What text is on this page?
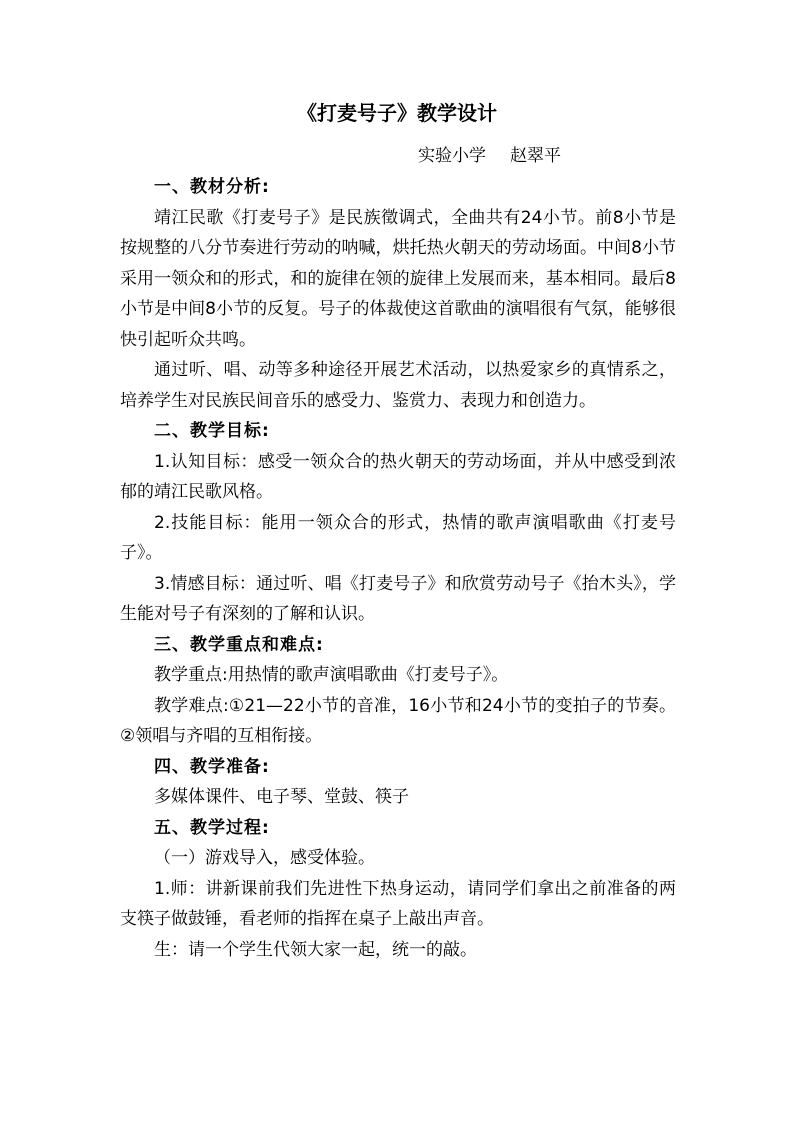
《打麦号子》教学设计
实验小学 赵翠平

一、教材分析:

靖江民歌《打麦号子》是民族徵调式，全曲共有24小节。前8小节是按规整的八分节奏进行劳动的呐喊，烘托热火朝天的劳动场面。中间8小节采用一领众和的形式，和的旋律在领的旋律上发展而来，基本相同。最后8小节是中间8小节的反复。号子的体裁使这首歌曲的演唱很有气氛，能够很快引起听众共鸣。

通过听、唱、动等多种途径开展艺术活动，以热爱家乡的真情系之，培养学生对民族民间音乐的感受力、鉴赏力、表现力和创造力。

二、教学目标:

1.认知目标：感受一领众合的热火朝天的劳动场面，并从中感受到浓郁的靖江民歌风格。

2.技能目标：能用一领众合的形式，热情的歌声演唱歌曲《打麦号子》。

3.情感目标：通过听、唱《打麦号子》和欣赏劳动号子《抬木头》，学生能对号子有深刻的了解和认识。

三、教学重点和难点:

教学重点:用热情的歌声演唱歌曲《打麦号子》。

教学难点:①21—22小节的音准，16小节和24小节的变拍子的节奏。②领唱与齐唱的互相衔接。

四、教学准备:

多媒体课件、电子琴、堂鼓、筷子

五、教学过程:

（一）游戏导入，感受体验。

1.师：讲新课前我们先进性下热身运动，请同学们拿出之前准备的两支筷子做鼓锤，看老师的指挥在桌子上敲出声音。

生：请一个学生代领大家一起，统一的敲。
